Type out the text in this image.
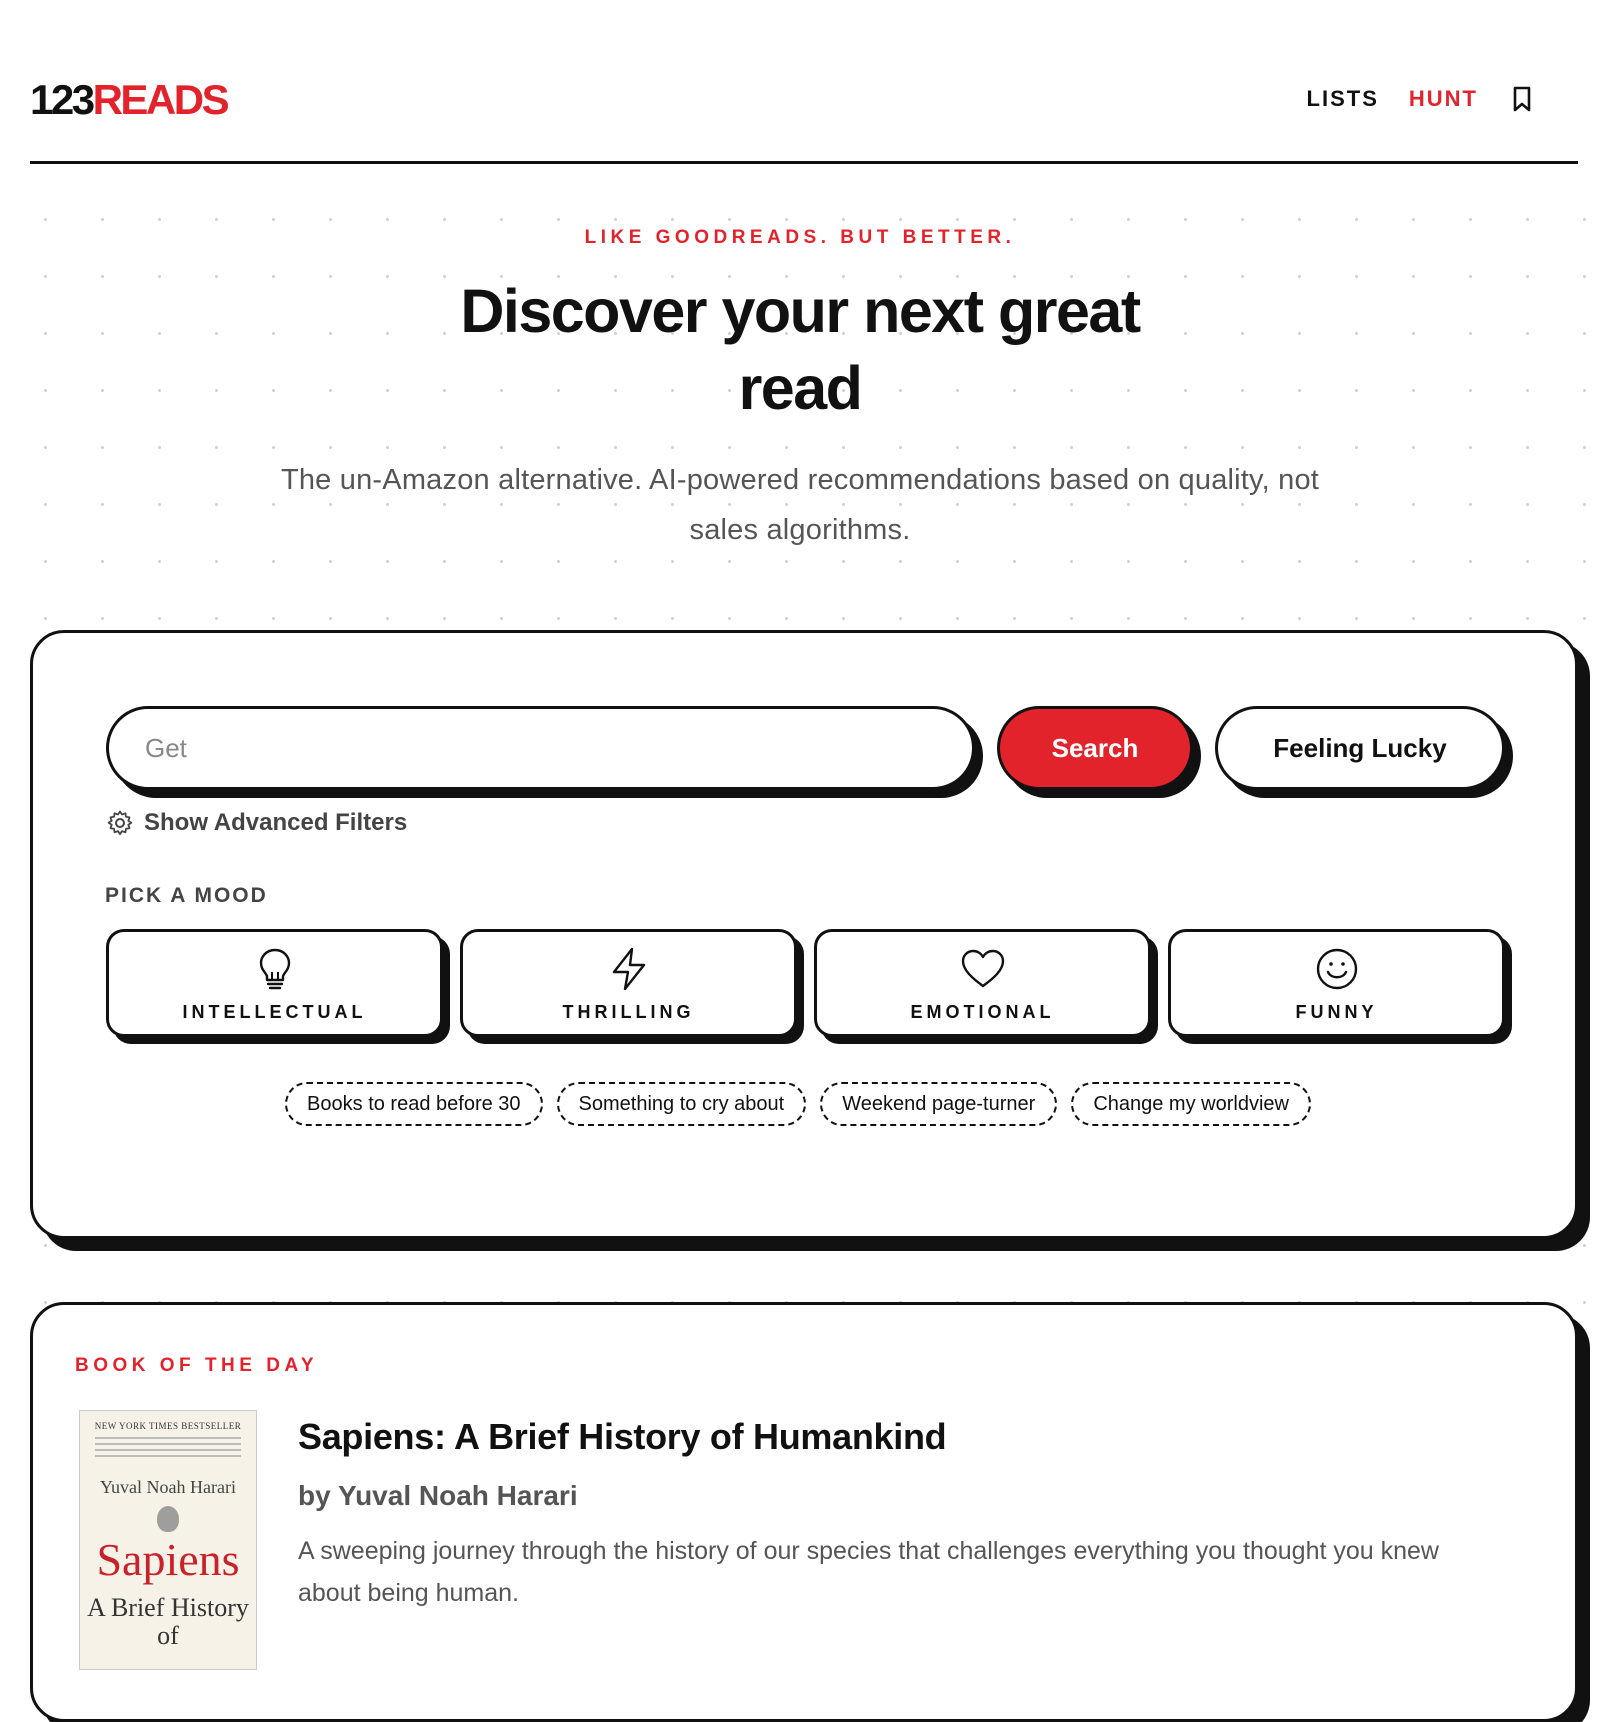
123READS	LISTS HUNT
LIKE GOODREADS. BUT BETTER.
Discover your next great read

The un-Amazon alternative. AI-powered recommendations based on quality, not sales algorithms.

Get
Search	Feeling Lucky
Show Advanced Filters
PICK A MOOD
INTELLECTUAL	THRILLING	EMOTIONAL	FUNNY
Books to read before 30	Something to cry about	Weekend page-turner	Change my worldview
BOOK OF THE DAY
NEW YORK TIMES BESTSELLER
Yuval Noah Harari
Sapiens
A Brief History of
Sapiens: A Brief History of Humankind
by Yuval Noah Harari

A sweeping journey through the history of our species that challenges everything you thought you knew about being human.
